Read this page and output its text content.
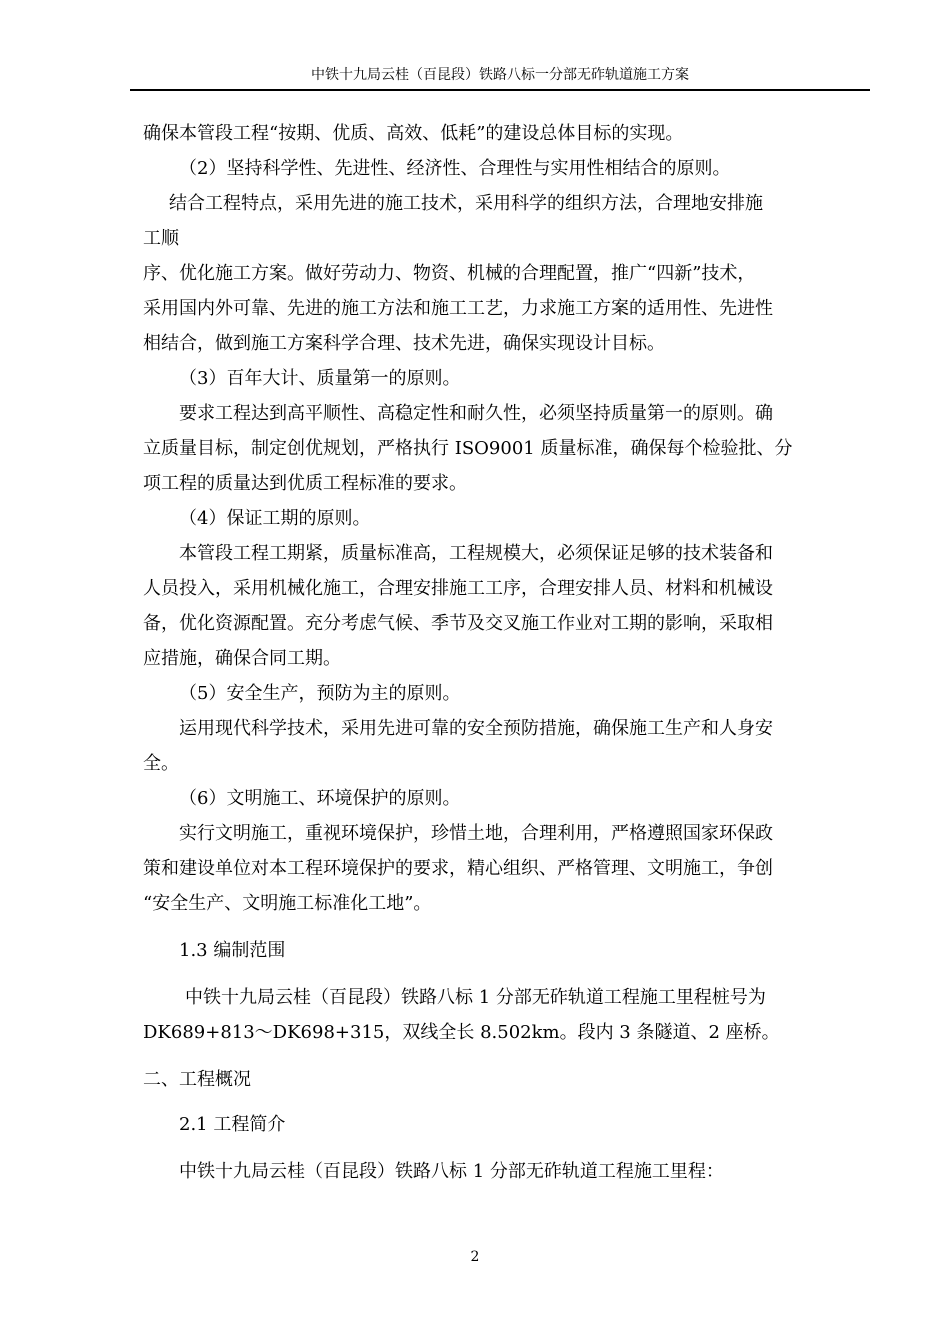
中铁十九局云桂（百昆段）铁路八标一分部无砟轨道施工方案
确保本管段工程“按期、优质、高效、低耗”的建设总体目标的实现。
（2）坚持科学性、先进性、经济性、合理性与实用性相结合的原则。
结合工程特点，采用先进的施工技术，采用科学的组织方法，合理地安排施
工顺
序、优化施工方案。做好劳动力、物资、机械的合理配置，推广“四新”技术，
采用国内外可靠、先进的施工方法和施工工艺，力求施工方案的适用性、先进性
相结合，做到施工方案科学合理、技术先进，确保实现设计目标。
（3）百年大计、质量第一的原则。
要求工程达到高平顺性、高稳定性和耐久性，必须坚持质量第一的原则。确
立质量目标，制定创优规划，严格执行 ISO9001 质量标准，确保每个检验批、分
项工程的质量达到优质工程标准的要求。
（4）保证工期的原则。
本管段工程工期紧，质量标准高，工程规模大，必须保证足够的技术装备和
人员投入，采用机械化施工，合理安排施工工序，合理安排人员、材料和机械设
备，优化资源配置。充分考虑气候、季节及交叉施工作业对工期的影响，采取相
应措施，确保合同工期。
（5）安全生产，预防为主的原则。
运用现代科学技术，采用先进可靠的安全预防措施，确保施工生产和人身安
全。
（6）文明施工、环境保护的原则。
实行文明施工，重视环境保护，珍惜土地，合理利用，严格遵照国家环保政
策和建设单位对本工程环境保护的要求，精心组织、严格管理、文明施工，争创
“安全生产、文明施工标准化工地”。
1.3 编制范围
中铁十九局云桂（百昆段）铁路八标 1 分部无砟轨道工程施工里程桩号为
DK689+813～DK698+315，双线全长 8.502km。段内 3 条隧道、2 座桥。
二、工程概况
2.1 工程简介
中铁十九局云桂（百昆段）铁路八标 1 分部无砟轨道工程施工里程：
2
